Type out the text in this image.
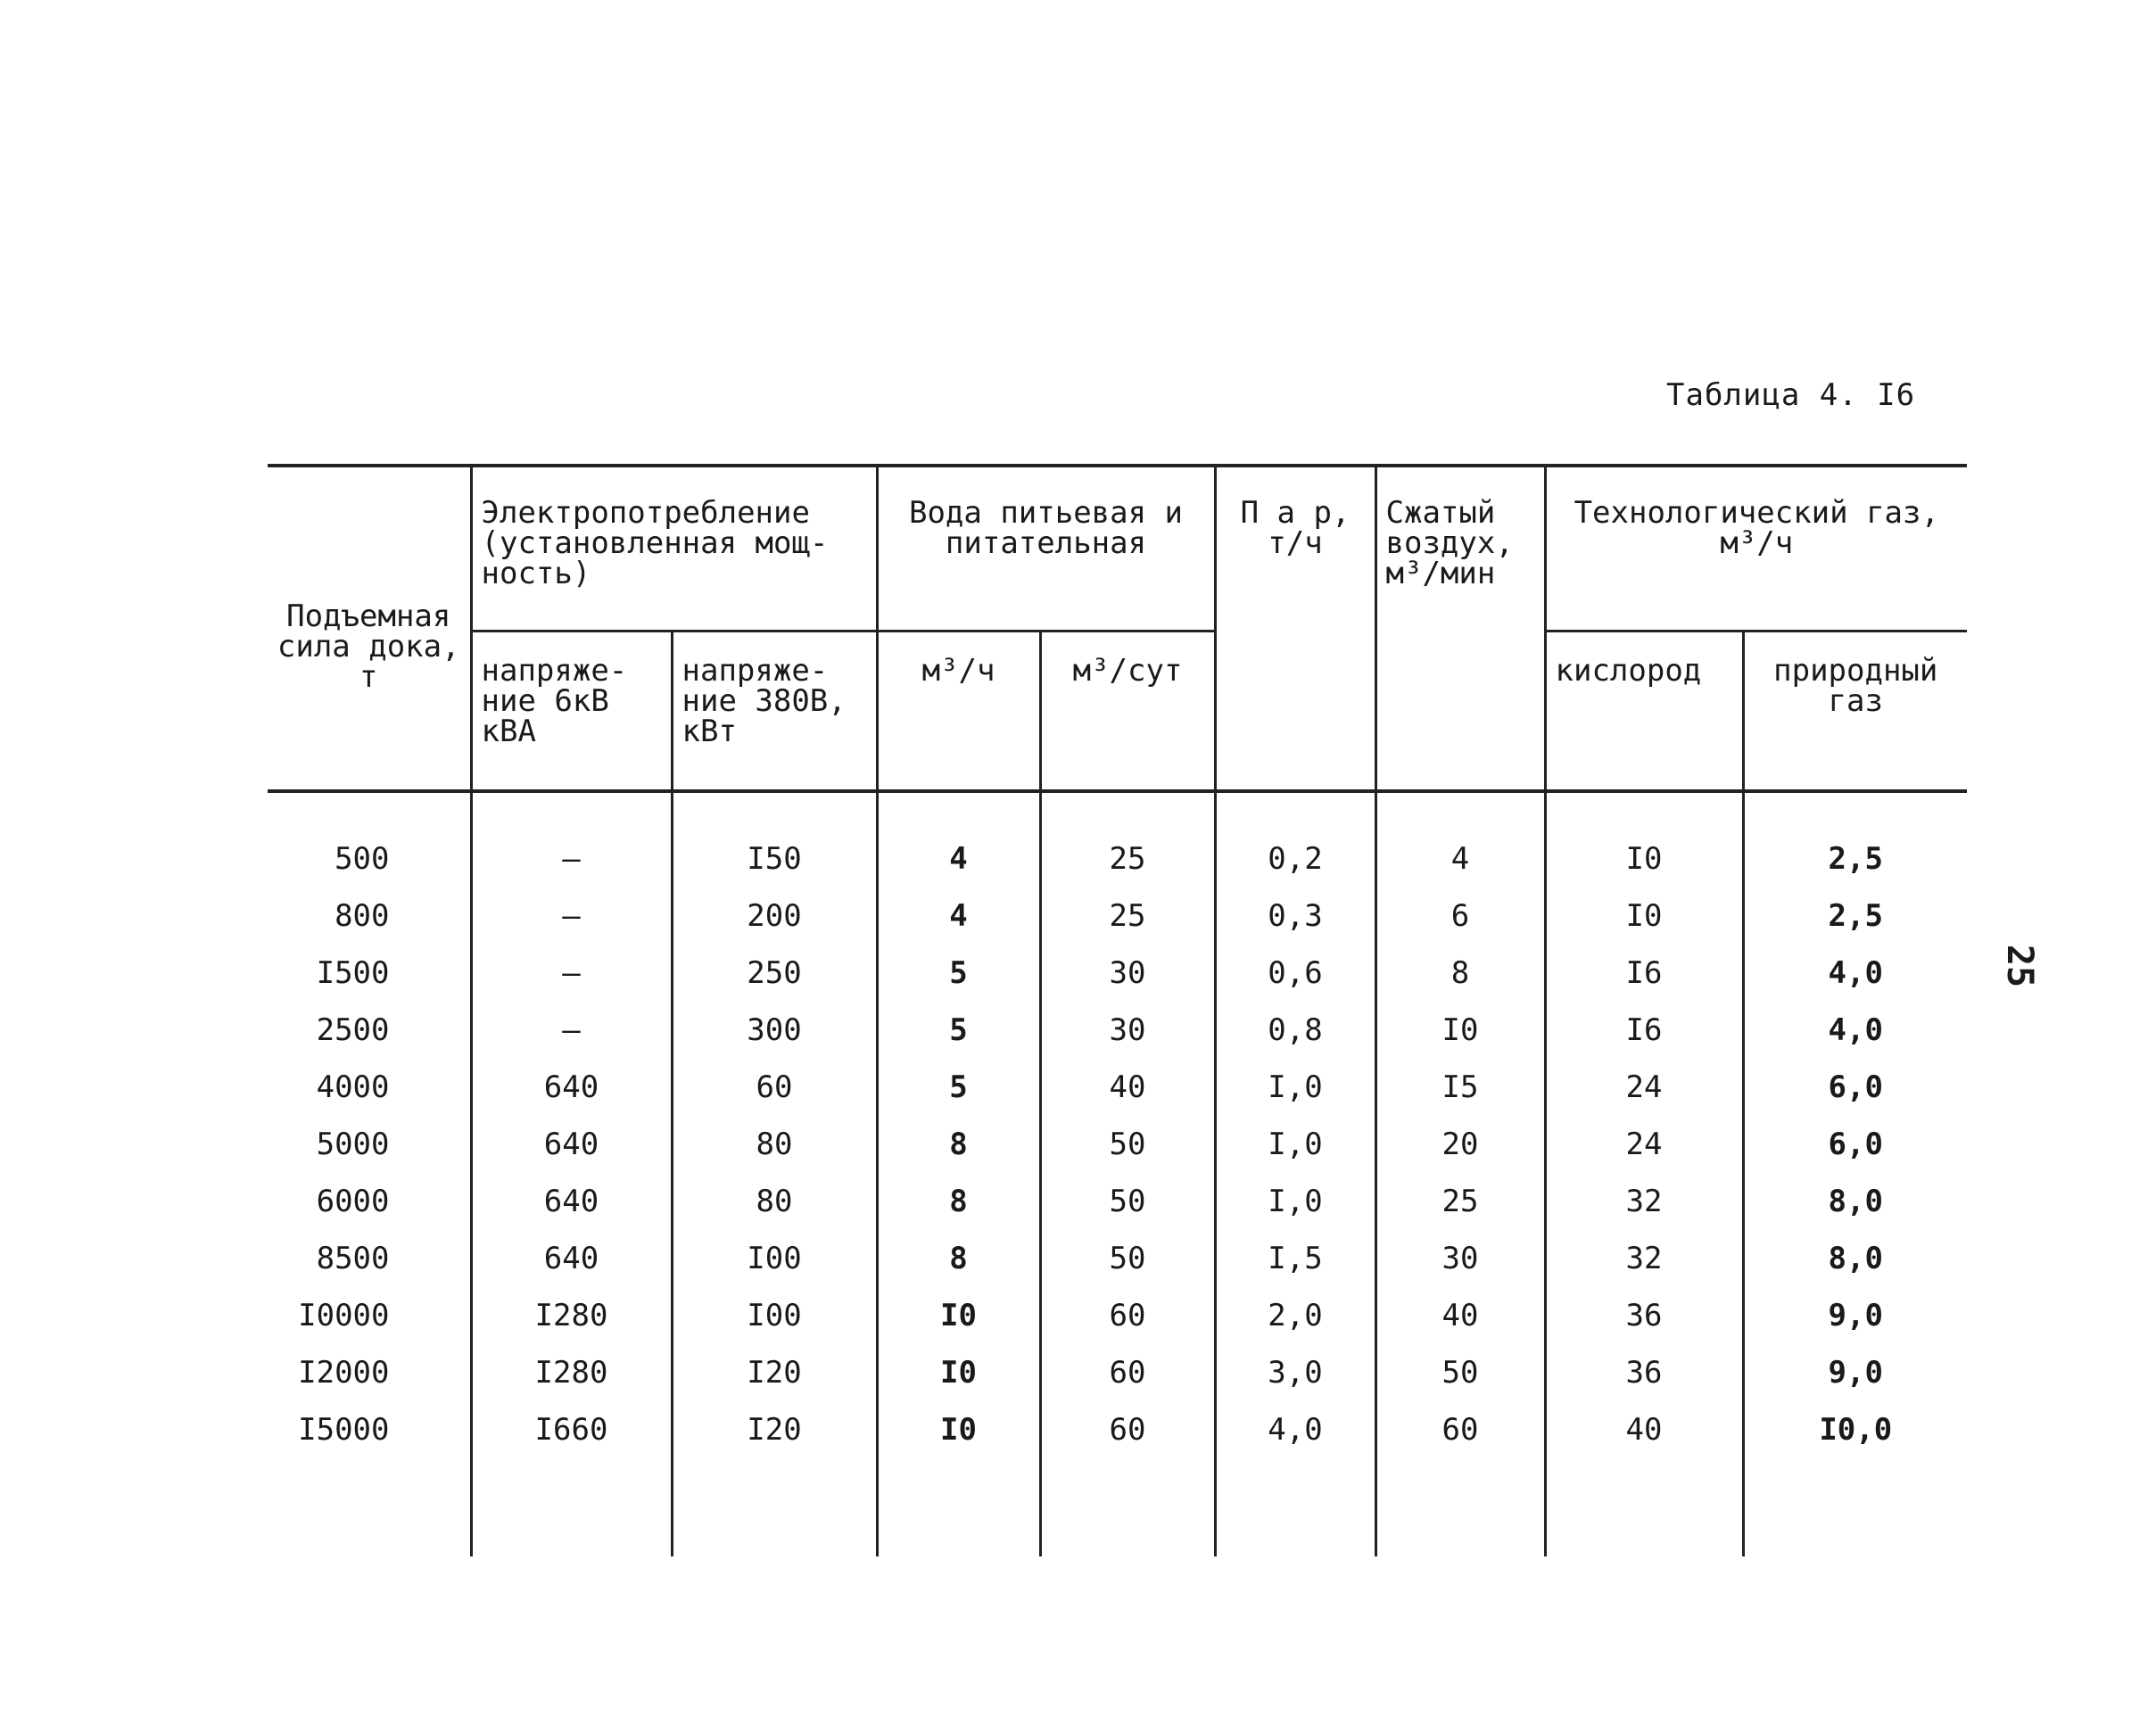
Таблица 4. I6
25
Подъемная сила дока, т	Электропотребление (установленная мощ- ность)		Вода питьевая и питательная		П а р, т/ч	Сжатый воздух, м³/мин	Технологический газ, м³/ч	
	напряже- ние 6кВ кВА	напряже- ние 380В, кВт	м³/ч	м³/сут			кислород	природный газ
500	–	I50	4	25	0,2	4	I0	2,5
800	–	200	4	25	0,3	6	I0	2,5
I500	–	250	5	30	0,6	8	I6	4,0
2500	–	300	5	30	0,8	I0	I6	4,0
4000	640	60	5	40	I,0	I5	24	6,0
5000	640	80	8	50	I,0	20	24	6,0
6000	640	80	8	50	I,0	25	32	8,0
8500	640	I00	8	50	I,5	30	32	8,0
I0000	I280	I00	I0	60	2,0	40	36	9,0
I2000	I280	I20	I0	60	3,0	50	36	9,0
I5000	I660	I20	I0	60	4,0	60	40	I0,0
